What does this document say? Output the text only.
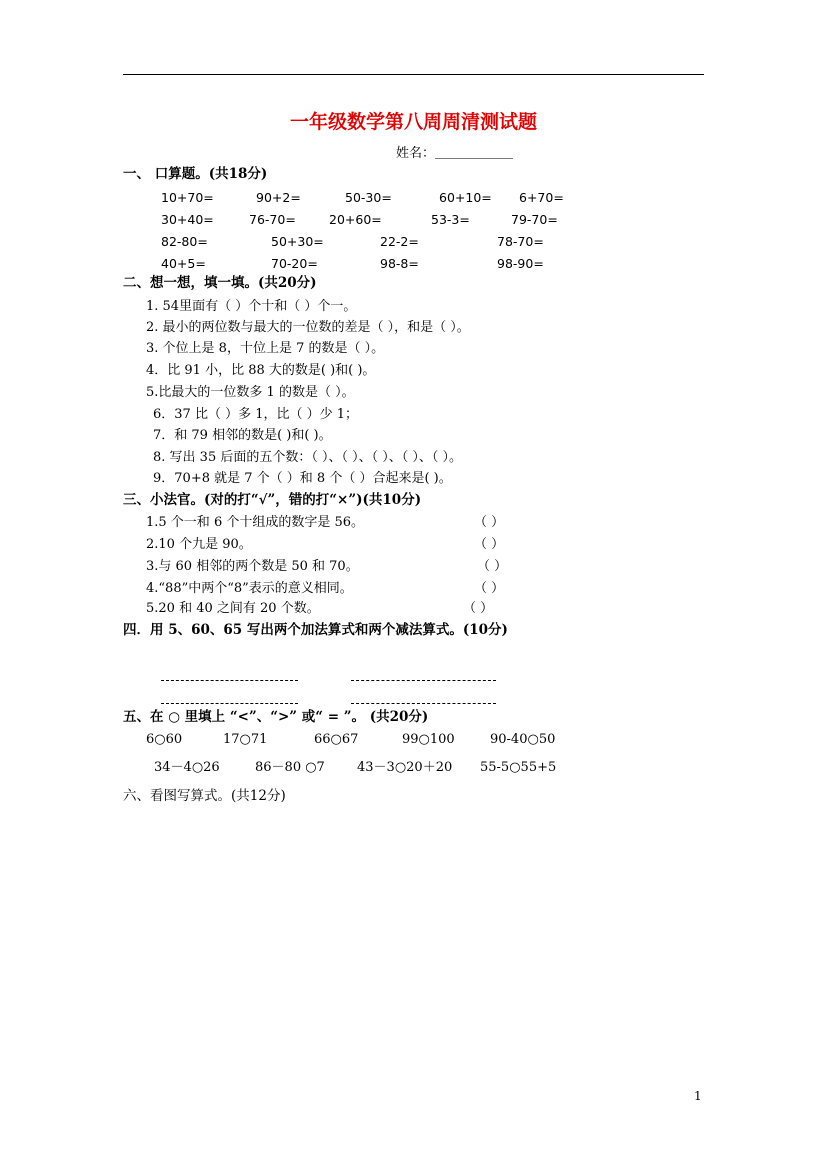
一年级数学第八周周清测试题
姓名：＿＿＿＿＿＿
一、 口算题。(共18分)
10+70=	90+2=	50-30=	60+10= 6+70=
30+40=	76-70=	20+60=	53-3=	79-70=
82-80=	50+30=	22-2=	78-70=
40+5=	70-20=	98-8=	98-90=
二、想一想，填一填。(共20分)
1. 54里面有（ ）个十和（ ）个一。
2. 最小的两位数与最大的一位数的差是（ ），和是（ ）。
3. 个位上是 8，十位上是 7 的数是（ ）。
4．比 91 小，比 88 大的数是( )和( )。
5.比最大的一位数多 1 的数是（ ）。
6．37 比（ ）多 1，比（ ）少 1；
7．和 79 相邻的数是( )和( )。
8. 写出 35 后面的五个数：（ ）、（ ）、（ ）、（ ）、（ ）。
9．70+8 就是 7 个（ ）和 8 个（ ）合起来是( )。
三、小法官。(对的打“√”，错的打“×”)(共10分)
1.5 个一和 6 个十组成的数字是 56。	（ ）
2.10 个九是 90。	（ ）
3.与 60 相邻的两个数是 50 和 70。	（ ）
4.“88”中两个“8”表示的意义相同。	（ ）
5.20 和 40 之间有 20 个数。	（ ）
四．用 5、60、65 写出两个加法算式和两个减法算式。(10分)
五、在 ○ 里填上 “<”、“>” 或“ = ”。 (共20分)
6○60	17○71	66○67	99○100	90-40○50
34－4○26	86－80 ○7 43－3○20＋20 55-5○55+5
六、看图写算式。(共12分)
1
